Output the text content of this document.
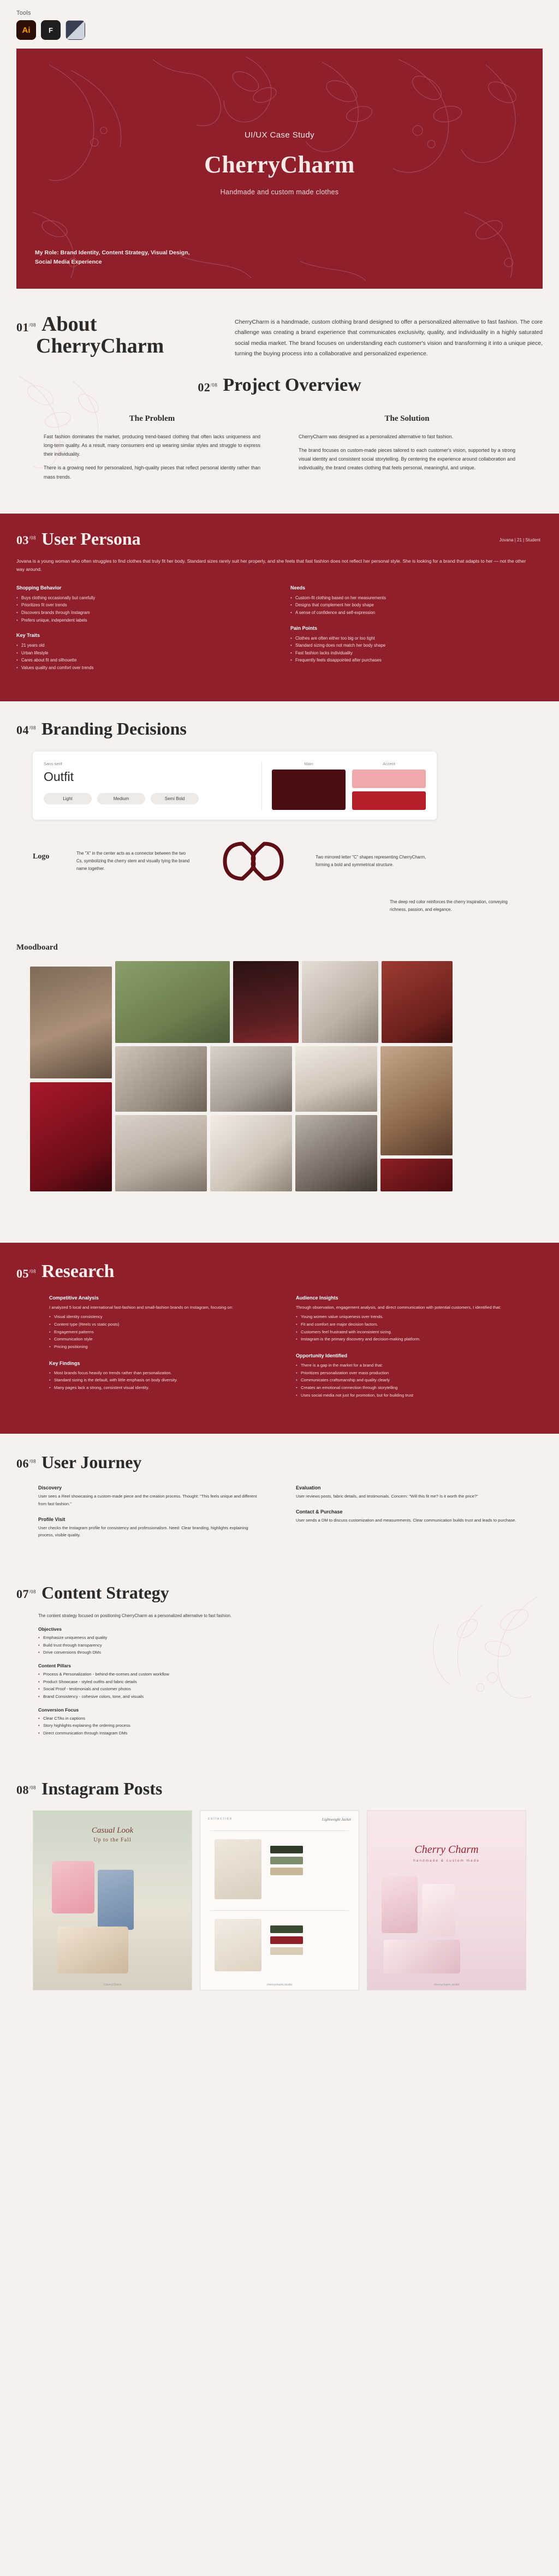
Tools
Ai	F
UI/UX Case Study
CherryCharm
Handmade and custom made clothes
My Role: Brand Identity, Content Strategy, Visual Design, Social Media Experience
$01^{/08}$ About
CherryCharm
CherryCharm is a handmade, custom clothing brand designed to offer a personalized alternative to fast fashion. The core challenge was creating a brand experience that communicates exclusivity, quality, and individuality in a highly saturated social media market. The brand focuses on understanding each customer's vision and transforming it into a unique piece, turning the buying process into a collaborative and personalized experience.
$02^{/08}$ Project Overview
The Problem

Fast fashion dominates the market, producing trend-based clothing that often lacks uniqueness and long-term quality. As a result, many consumers end up wearing similar styles and struggle to express their individuality.

There is a growing need for personalized, high-quality pieces that reflect personal identity rather than mass trends.

The Solution

CherryCharm was designed as a personalized alternative to fast fashion.

The brand focuses on custom-made pieces tailored to each customer's vision, supported by a strong visual identity and consistent social storytelling. By centering the experience around collaboration and individuality, the brand creates clothing that feels personal, meaningful, and unique.

$03^{/08}$ User Persona	Jovana | 21 | Student
Jovana is a young woman who often struggles to find clothes that truly fit her body. Standard sizes rarely suit her properly, and she feels that fast fashion does not reflect her personal style. She is looking for a brand that adapts to her — not the other way around.
Shopping Behavior
• Buys clothing occasionally but carefully
• Prioritizes fit over trends
• Discovers brands through Instagram
• Prefers unique, independent labels
Key Traits
• 21 years old
• Urban lifestyle
• Cares about fit and silhouette
• Values quality and comfort over trends
Needs
• Custom-fit clothing based on her measurements
• Designs that complement her body shape
• A sense of confidence and self-expression
Pain Points
• Clothes are often either too big or too tight
• Standard sizing does not match her body shape
• Fast fashion lacks individuality
• Frequently feels disappointed after purchases
$04^{/08}$ Branding Decisions
Sans-serif
Outfit
Light	Medium	Semi Bold
Main	Accent
Logo	The "X" in the center acts as a connector between the two Cs, symbolizing the cherry stem and visually tying the brand name together.
Two mirrored letter "C" shapes representing CherryCharm, forming a bold and symmetrical structure.
The deep red color reinforces the cherry inspiration, conveying richness, passion, and elegance.
Moodboard
$05^{/08}$ Research
Competitive Analysis

I analyzed 5 local and international fast-fashion and small-fashion brands on Instagram, focusing on:

• Visual identity consistency
• Content type (Reels vs static posts)
• Engagement patterns
• Communication style
• Pricing positioning
Key Findings
• Most brands focus heavily on trends rather than personalization.
• Standard sizing is the default, with little emphasis on body diversity.
• Many pages lack a strong, consistent visual identity.
Audience Insights

Through observation, engagement analysis, and direct communication with potential customers, I identified that:

• Young women value uniqueness over trends.
• Fit and comfort are major decision factors.
• Customers feel frustrated with inconsistent sizing.
• Instagram is the primary discovery and decision-making platform.
Opportunity Identified
• There is a gap in the market for a brand that:
• Prioritizes personalization over mass production
• Communicates craftsmanship and quality clearly
• Creates an emotional connection through storytelling
• Uses social media not just for promotion, but for building trust
$06^{/08}$ User Journey
Discovery

User sees a Reel showcasing a custom-made piece and the creation process. Thought: "This feels unique and different from fast fashion."

Profile Visit

User checks the Instagram profile for consistency and professionalism. Need: Clear branding, highlights explaining process, visible quality.

Evaluation

User reviews posts, fabric details, and testimonials. Concern: "Will this fit me? Is it worth the price?"

Contact & Purchase

User sends a DM to discuss customization and measurements. Clear communication builds trust and leads to purchase.

$07^{/08}$ Content Strategy

The content strategy focused on positioning CherryCharm as a personalized alternative to fast fashion.

Objectives
• Emphasize uniqueness and quality
• Build trust through transparency
• Drive conversions through DMs
Content Pillars
• Process & Personalization - behind-the-scenes and custom workflow
• Product Showcase - styled outfits and fabric details
• Social Proof - testimonials and customer photos
• Brand Consistency - cohesive colors, tone, and visuals
Conversion Focus
• Clear CTAs in captions
• Story highlights explaining the ordering process
• Direct communication through Instagram DMs
$08^{/08}$ Instagram Posts
Casual Look
Up to the Fall
CherryCharm
collection	Lightweight Jacket
cherrycharm.studio
Cherry Charm
handmade & custom made
cherrycharm.studio
